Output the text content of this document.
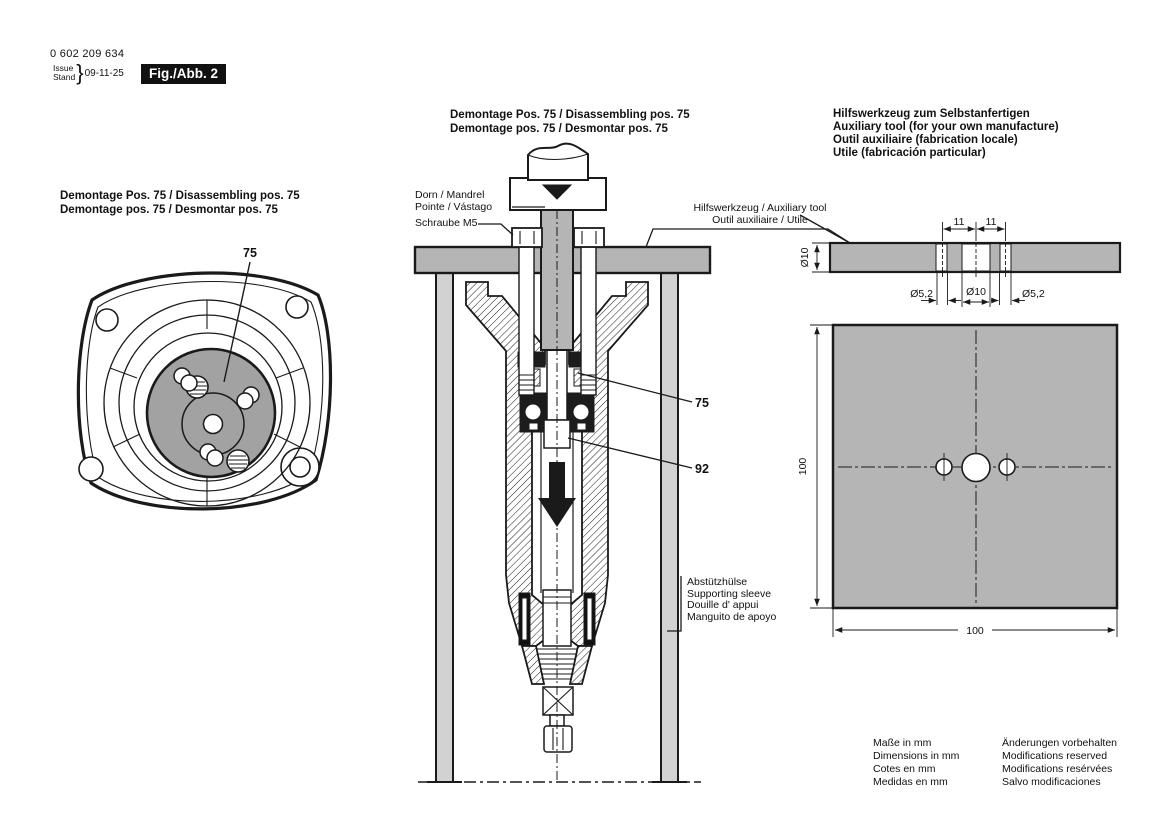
0 602 209 634
Issue
Stand } 09-11-25	Fig./Abb. 2
75
Demontage Pos. 75 / Disassembling pos. 75
Demontage pos. 75 / Desmontar pos. 75
75
92
Demontage Pos. 75 / Disassembling pos. 75
Demontage pos. 75 / Desmontar pos. 75
Dorn / Mandrel
Pointe / Vástago
Schraube M5
Hilfswerkzeug / Auxiliary tool
Outil auxiliaire / Utile
Abstützhülse
Supporting sleeve
Douille d' appui
Manguito de apoyo
11 11
Ø10
Ø5,2	Ø10	Ø5,2
100
100
Hilfswerkzeug zum Selbstanfertigen
Auxiliary tool (for your own manufacture)
Outil auxiliaire (fabrication locale)
Utile (fabricación particular)
Maße in mm
Dimensions in mm
Cotes en mm
Medidas en mm
Änderungen vorbehalten
Modifications reserved
Modifications resérvées
Salvo modificaciones
